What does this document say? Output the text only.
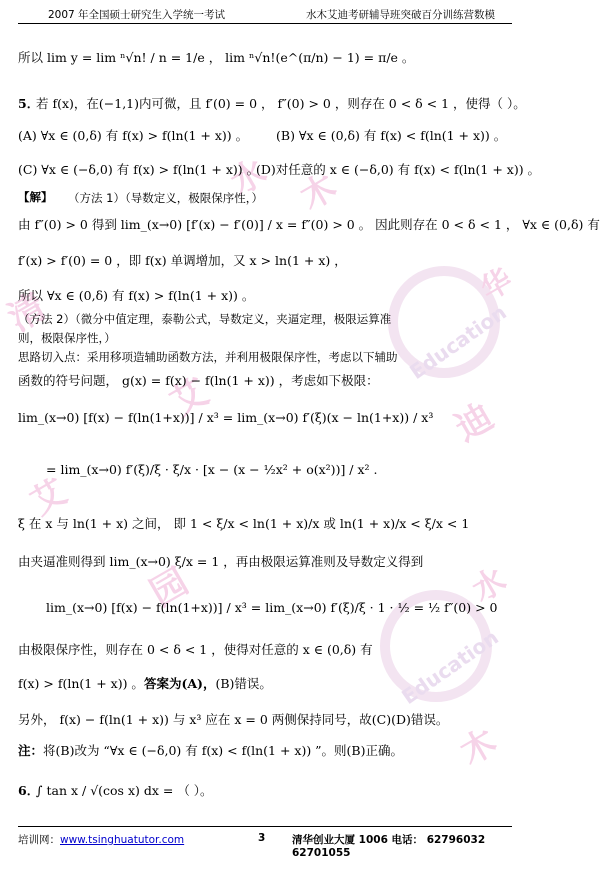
2007 年全国硕士研究生入学统一考试	水木艾迪考研辅导班突破百分训练营数模
Education
Education
水 木
艾	迪
清
华
园	水
木
艾
所以 lim y = lim ⁿ√n! / n = 1/e ， lim ⁿ√n!(e^(π/n) − 1) = π/e 。
5．
若 f(x)，在(−1,1)内可微，且 f′(0) = 0 ， f″(0) > 0 ，则存在 0 < δ < 1 ，使得（ ）。
(A) ∀x ∈ (0,δ) 有 f(x) > f(ln(1 + x)) 。 (B) ∀x ∈ (0,δ) 有 f(x) < f(ln(1 + x)) 。
(C) ∀x ∈ (−δ,0) 有 f(x) > f(ln(1 + x)) 。
(D)对任意的 x ∈ (−δ,0) 有 f(x) < f(ln(1 + x)) 。
【解】 （方法 1）（导数定义，极限保序性，）
由 f″(0) > 0 得到 lim_(x→0) [f′(x) − f′(0)] / x = f″(0) > 0 。 因此则存在 0 < δ < 1 ， ∀x ∈ (0,δ) 有
f′(x) > f′(0) = 0 ，即 f(x) 单调增加，又 x > ln(1 + x) ，
所以 ∀x ∈ (0,δ) 有 f(x) > f(ln(1 + x)) 。
（方法 2）（微分中值定理，泰勒公式，导数定义，夹逼定理，极限运算准
则，极限保序性，）
思路切入点：采用移项造辅助函数方法，并利用极限保序性，考虑以下辅助
函数的符号问题， g(x) = f(x) − f(ln(1 + x)) ，考虑如下极限：
lim_(x→0) [f(x) − f(ln(1+x))] / x³ = lim_(x→0) f′(ξ)(x − ln(1+x)) / x³
= lim_(x→0) f′(ξ)/ξ · ξ/x · [x − (x − ½x² + o(x²))] / x² .
ξ 在 x 与 ln(1 + x) 之间， 即 1 < ξ/x < ln(1 + x)/x 或 ln(1 + x)/x < ξ/x < 1
由夹逼准则得到 lim_(x→0) ξ/x = 1 ，再由极限运算准则及导数定义得到
lim_(x→0) [f(x) − f(ln(1+x))] / x³ = lim_(x→0) f′(ξ)/ξ · 1 · ½ = ½ f″(0) > 0
由极限保序性，则存在 0 < δ < 1 ，使得对任意的 x ∈ (0,δ) 有
f(x) > f(ln(1 + x)) 。答案为(A)，(B)错误。
另外， f(x) − f(ln(1 + x)) 与 x³ 应在 x = 0 两侧保持同号，故(C)(D)错误。
注：将(B)改为 “∀x ∈ (−δ,0) 有 f(x) < f(ln(1 + x)) ”。则(B)正确。
6．
∫ tan x / √(cos x) dx = （ ）。
培训网：www.tsinghuatutor.com	3	清华创业大厦 1006 电话： 62796032 62701055
